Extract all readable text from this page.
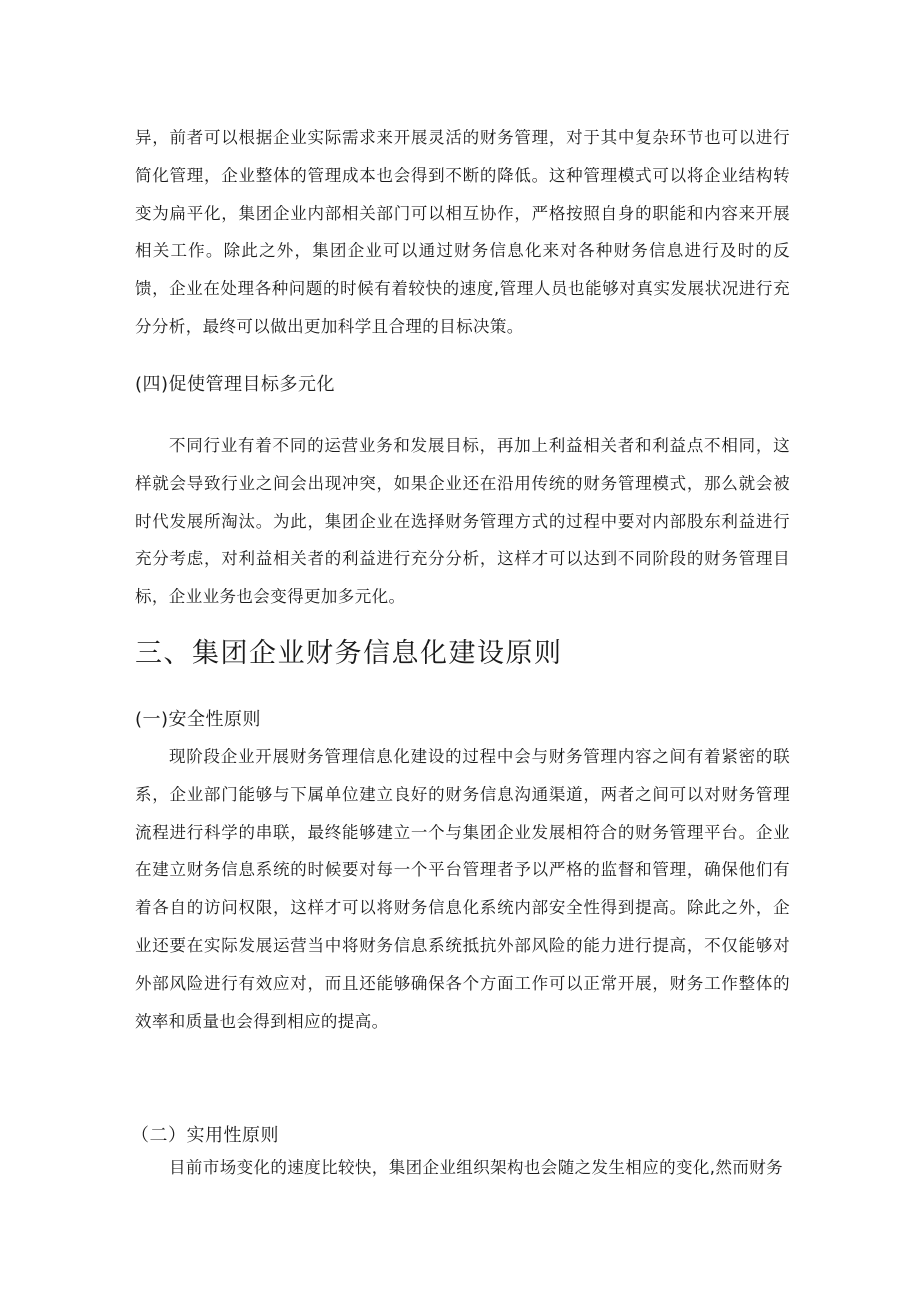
异，前者可以根据企业实际需求来开展灵活的财务管理，对于其中复杂环节也可以进行简化管理，企业整体的管理成本也会得到不断的降低。这种管理模式可以将企业结构转变为扁平化，集团企业内部相关部门可以相互协作，严格按照自身的职能和内容来开展相关工作。除此之外，集团企业可以通过财务信息化来对各种财务信息进行及时的反馈，企业在处理各种问题的时候有着较快的速度,管理人员也能够对真实发展状况进行充分分析，最终可以做出更加科学且合理的目标决策。

(四)促使管理目标多元化

不同行业有着不同的运营业务和发展目标，再加上利益相关者和利益点不相同，这样就会导致行业之间会出现冲突，如果企业还在沿用传统的财务管理模式，那么就会被时代发展所淘汰。为此，集团企业在选择财务管理方式的过程中要对内部股东利益进行充分考虑，对利益相关者的利益进行充分分析，这样才可以达到不同阶段的财务管理目标，企业业务也会变得更加多元化。

三、集团企业财务信息化建设原则
(一)安全性原则

现阶段企业开展财务管理信息化建设的过程中会与财务管理内容之间有着紧密的联系，企业部门能够与下属单位建立良好的财务信息沟通渠道，两者之间可以对财务管理流程进行科学的串联，最终能够建立一个与集团企业发展相符合的财务管理平台。企业在建立财务信息系统的时候要对每一个平台管理者予以严格的监督和管理，确保他们有着各自的访问权限，这样才可以将财务信息化系统内部安全性得到提高。除此之外，企业还要在实际发展运营当中将财务信息系统抵抗外部风险的能力进行提高，不仅能够对外部风险进行有效应对，而且还能够确保各个方面工作可以正常开展，财务工作整体的效率和质量也会得到相应的提高。

（二）实用性原则

目前市场变化的速度比较快，集团企业组织架构也会随之发生相应的变化,然而财务
